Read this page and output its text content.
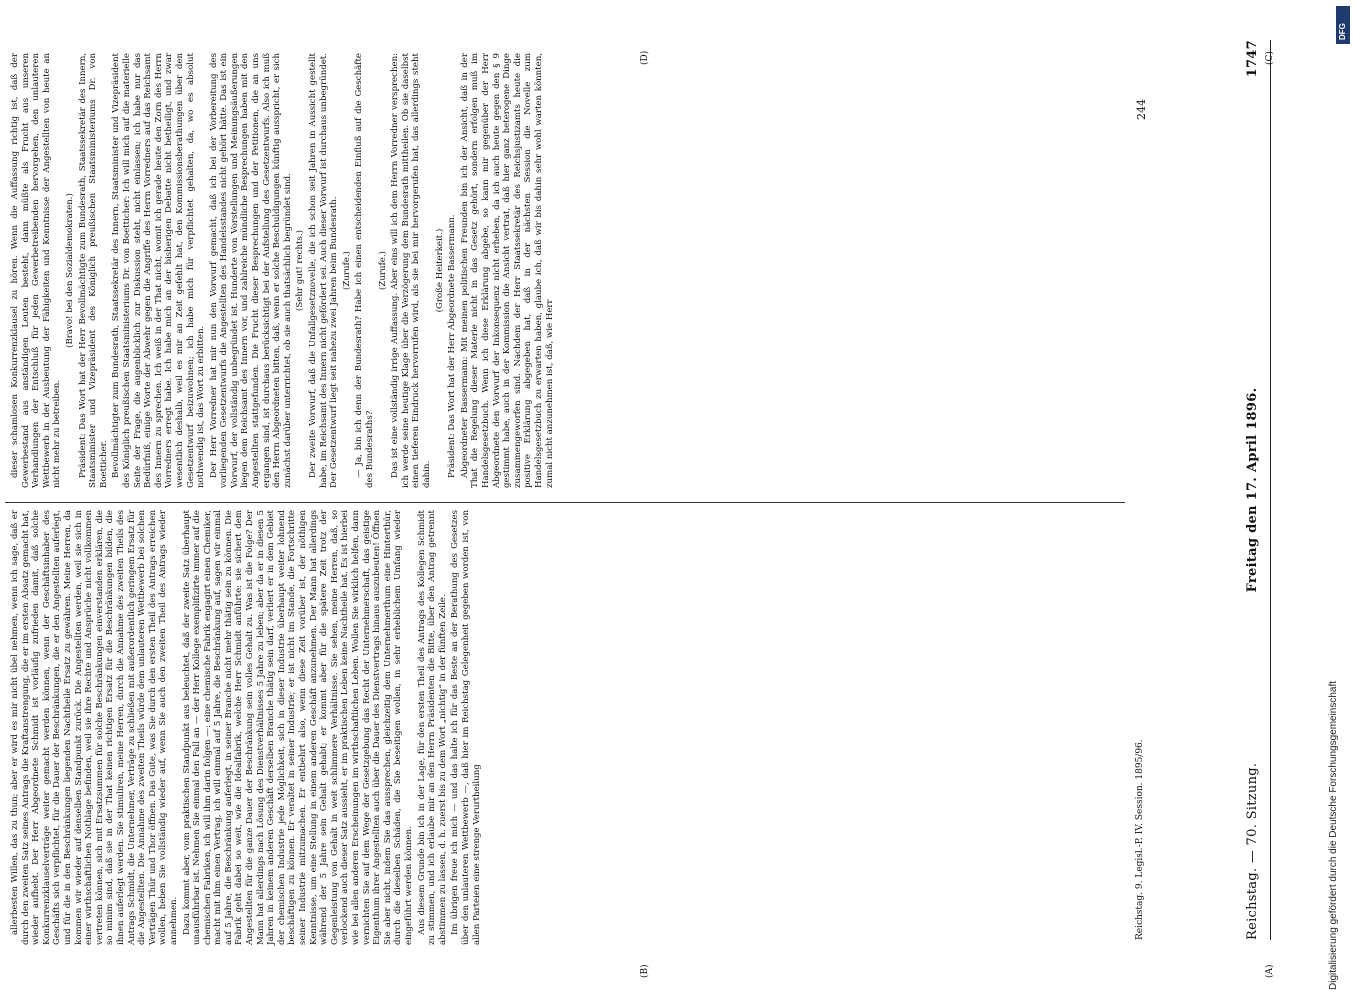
Reichstag. — 70. Sitzung.
Freitag den 17. April 1896.
1747

allerbesten Willen, das zu thun; aber er wird es mir nicht übel nehmen, wenn ich sage, daß er durch den zweiten Satz seines Antrags die Kraftanstrengung, die er im ersten Absatz gemacht hat, wieder aufhebt. Der Herr Abgeordnete Schmidt ist vorläufig zufrieden damit, daß solche Konkurrenzklauselverträge weiter gemacht werden können, wenn der Geschäftsinhaber des Geschäfts sich verpflichtet, für die Dauer der Beschränkungen, die er den Angestellten auferlegt, und für die in den Beschränkungen liegenden Nachtheile Ersatz zu gewähren. Meine Herren, da kommen wir wieder auf denselben Standpunkt zurück. Die Angestellten werden, weil sie sich in einer wirthschaftlichen Nothlage befinden, weil sie ihre Rechte und Ansprüche nicht vollkommen vertreten können, sich mit Ersatzsummen für solche Beschränkungen einverstanden erklären, die so minim sind, daß sie in der That keinen richtigen Ersatz für die Beschränkungen bilden, die ihnen auferlegt werden. Sie stimuliren, meine Herren, durch die Annahme des zweiten Theils des Antrags Schmidt, die Unternehmer, Verträge zu schließen mit außerordentlich geringem Ersatz für die Angestellten. Die Annahme des zweiten Theils würde dem unlauteren Wettbewerb bei solchen Verträgen Thür und Thor öffnen. Das Gute, was Sie durch den ersten Theil des Antrags erreichen wollen, heben Sie vollständig wieder auf, wenn Sie auch den zweiten Theil des Antrags wieder annehmen. Dazu kommt aber, vom praktischen Standpunkt aus beleuchtet, daß der zweite Satz überhaupt unausführbar ist. Nehmen Sie einmal den Fall an — der Herr Kollege exemplifizirte immer auf die chemischen Fabriken, ich will ihm darin folgen —: eine chemische Fabrik engagirt einen Chemiker, macht mit ihm einen Vertrag, ich will einmal auf 5 Jahre, die Beschränkung auf, sagen wir einmal auf 5 Jahre, die Beschränkung auferlegt, in seiner Branche nicht mehr thätig sein zu können. Die Fabrik geht dabei so weit, wie die Idealfabrik, welche Herr Schmidt anführte: sie sichert dem Angestellten für die ganze Dauer der Beschränkung sein volles Gehalt zu. Was ist die Folge? Der Mann hat allerdings nach Lösung des Dienstverhältnisses 5 Jahre zu leben; aber da er in diesen 5 Jahren in keinem anderen Geschäft derselben Branche thätig sein darf, verliert er in dem Gebiet der chemischen Industrie jede Möglichkeit, sich in dieser Industrie überhaupt weiter lohnend beschäftigen zu können. Er veraltet in seiner Industrie; er ist nicht im Stande, die Fortschritte seiner Industrie mitzumachen. Er entbehrt also, wenn diese Zeit vorüber ist, der nöthigen Kenntnisse, um eine Stellung in einem anderen Geschäft anzunehmen. Der Mann hat allerdings während der 5 Jahre sein Gehalt gehabt; er kommt aber für die spätere Zeit trotz der Gegenleistung von Gehalt in weit schlimmere Verhältnisse. Sie sehen, meine Herren, daß, so verlockend auch dieser Satz aussieht, er im praktischen Leben keine Nachtheile hat. Es ist hierbei wie bei allen anderen Erscheinungen im wirthschaftlichen Leben. Wollen Sie wirklich helfen, dann vernichten Sie auf dem Wege der Gesetzgebung das Recht der Unternehmerschaft, das geistige Eigenthum ihrer Angestellten auch über die Dauer des Dienstvertrags hinaus auszubeuten! Öffnen Sie aber nicht, indem Sie das aussprechen, gleichzeitig dem Unternehmerthum eine Hinterthür, durch die dieselben Schäden, die Sie beseitigen wollen, in sehr erheblichem Umfang wieder eingeführt werden können. Aus diesem Grunde bin ich in der Lage, für den ersten Theil des Antrags des Kollegen Schmidt zu stimmen, und ich erlaube mir an den Herrn Präsidenten die Bitte, über den Antrag getrennt abstimmen zu lassen, d. h. zuerst bis zu dem Wort „nichtig“ in der fünften Zeile. Im übrigen freue ich mich — und das halte ich für das Beste an der Berathung des Gesetzes über den unlauteren Wettbewerb —, daß hier im Reichstag Gelegenheit gegeben worden ist, von allen Parteien eine strenge Verurtheilung

dieser schamlosen Konkurrenzklausel zu hören. Wenn die Auffassung richtig ist, daß der Gewerbestand aus anständigen Leuten besteht, dann müßte als Frucht aus unseren Verhandlungen der Entschluß für jeden Gewerbetreibenden hervorgehen, den unlauteren Wettbewerb in der Ausbeutung der Fähigkeiten und Kenntnisse der Angestellten von heute an nicht mehr zu betreiben.

(Bravo! bei den Sozialdemokraten.) Präsident: Das Wort hat der Herr Bevollmächtigte zum Bundesrath, Staatssekretär des Innern, Staatsminister und Vizepräsident des Königlich preußischen Staatsministeriums Dr. von Boetticher. Bevollmächtigter zum Bundesrath, Staatssekretär des Innern, Staatsminister und Vizepräsident des Königlich preußischen Staatsministeriums Dr. von Boetticher: Ich will mich auf die materielle Seite der Frage, die augenblicklich zur Diskussion steht, nicht einlassen; ich habe nur das Bedürfniß, einige Worte der Abwehr gegen die Angriffe des Herrn Vorredners auf das Reichsamt des Innern zu sprechen. Ich weiß in der That nicht, womit ich gerade heute den Zorn des Herrn Vorredners erregt habe. Ich habe mich an der bisherigen Debatte nicht betheiligt, und zwar wesentlich deshalb, weil es mir an Zeit gefehlt hat, den Kommissionsberathungen über den Gesetzentwurf beizuwohnen; ich habe mich für verpflichtet gehalten, da, wo es absolut nothwendig ist, das Wort zu erbitten. Der Herr Vorredner hat mir nun den Vorwurf gemacht, daß ich bei der Vorbereitung des vorliegenden Gesetzentwurfs die Angestellten des Handelsstandes nicht gehört hätte. Das ist ein Vorwurf, der vollständig unbegründet ist. Hunderte von Vorstellungen und Meinungsäußerungen liegen dem Reichsamt des Innern vor, und zahlreiche mündliche Besprechungen haben mit den Angestellten stattgefunden. Die Frucht dieser Besprechungen und der Petitionen, die an uns ergangen sind, ist durchaus berücksichtigt bei der Aufstellung des Gesetzentwurfs. Also ich muß den Herrn Abgeordneten bitten, daß, wenn er solche Beschuldigungen künftig ausspricht, er sich zunächst darüber unterrichtet, ob sie auch thatsächlich begründet sind. (Sehr gut! rechts.) Der zweite Vorwurf, daß die Unfallgesetznovelle, die ich schon seit Jahren in Aussicht gestellt habe, im Reichsamt des Innern nicht gefördert sei. Auch dieser Vorwurf ist durchaus unbegründet. Der Gesetzentwurf liegt seit nahezu zwei Jahren beim Bundesrath. (Zurufe.) — Ja, bin ich denn der Bundesrath? Habe ich einen entscheidenden Einfluß auf die Geschäfte des Bundesraths?

(Zurufe.) Das ist eine vollständig irrige Auffassung. Aber eins will ich dem Herrn Vorredner versprechen: ich werde seine heutige Klage über die Verzögerung dem Bundesrath mittheilen. Ob sie daselbst einen tieferen Eindruck hervorrufen wird, als sie bei mir hervorgerufen hat, das allerdings steht dahin.

(Große Heiterkeit.) Präsident: Das Wort hat der Herr Abgeordnete Bassermann. Abgeordneter Bassermann: Mit meinen politischen Freunden bin ich der Ansicht, daß in der That die Regelung dieser Materie nicht in das Gesetz gehört, sondern erfolgen muß im Handelsgesetzbuch. Wenn ich diese Erklärung abgebe, so kann mir gegenüber der Herr Abgeordnete den Vorwurf der Inkonsequenz nicht erheben, da ich auch heute gegen den § 9 gestimmt habe, auch in der Kommission die Ansicht vertrat, daß hier ganz heterogene Dinge zusammengeworfen sind. Nachdem der Herr Staatssekretär des Reichsjustizamts heute die positive Erklärung abgegeben hat, daß in der nächsten Session die Novelle zum Handelsgesetzbuch zu erwarten haben, glaube ich, daß wir bis dahin sehr wohl warten könnten, zumal nicht anzunehmen ist, daß, wie Herr

Reichstag. 9. Legisl.-P. IV. Session. 1895/96.
244
(A)
(B)
(C)
(D)
Digitalisierung gefördert durch die Deutsche Forschungsgemeinschaft
DFG
